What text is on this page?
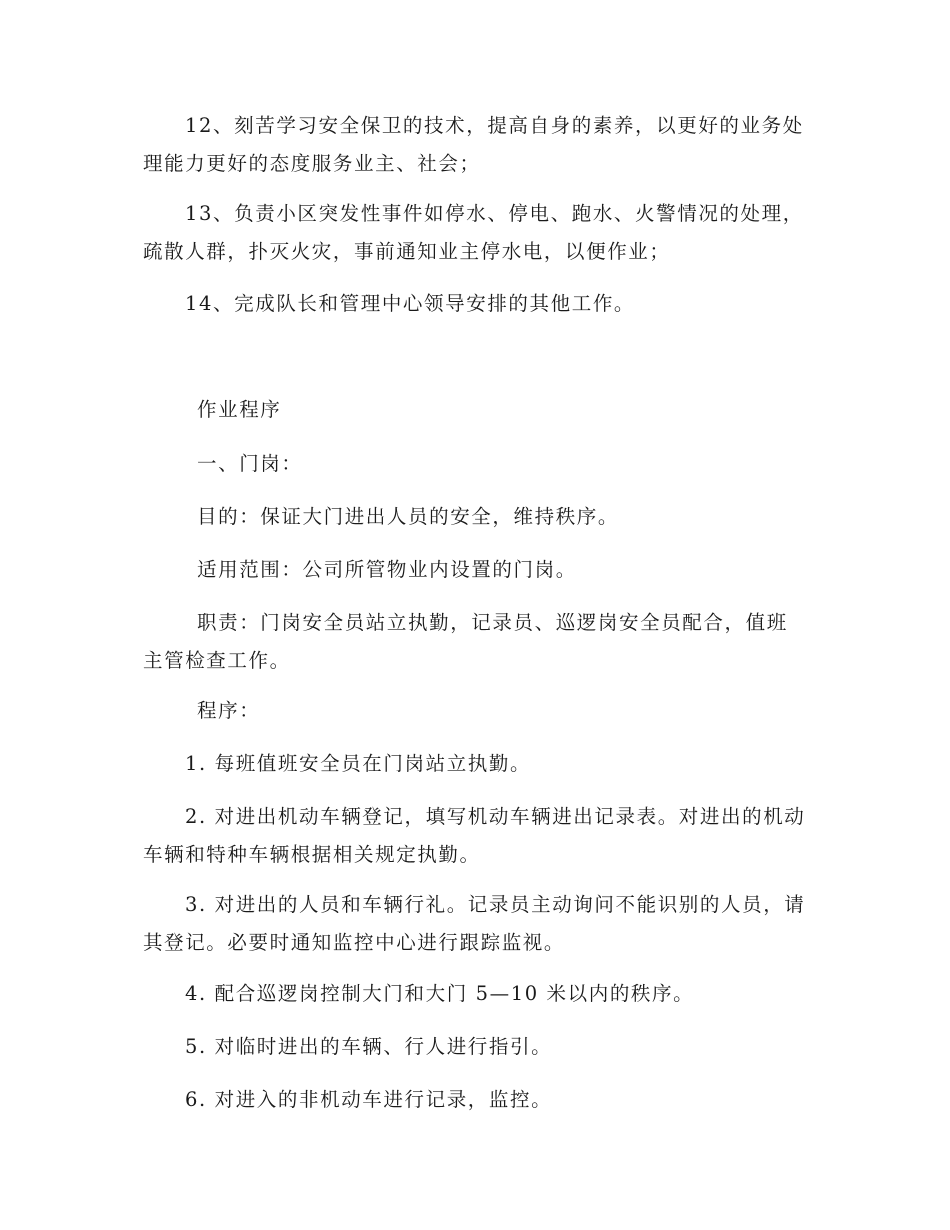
12、刻苦学习安全保卫的技术，提高自身的素养，以更好的业务处理能力更好的态度服务业主、社会；

13、负责小区突发性事件如停水、停电、跑水、火警情况的处理，疏散人群，扑灭火灾，事前通知业主停水电，以便作业；

14、完成队长和管理中心领导安排的其他工作。

作业程序

一、门岗：

目的：保证大门进出人员的安全，维持秩序。

适用范围：公司所管物业内设置的门岗。

职责：门岗安全员站立执勤，记录员、巡逻岗安全员配合，值班主管检查工作。

程序：

1. 每班值班安全员在门岗站立执勤。

2. 对进出机动车辆登记，填写机动车辆进出记录表。对进出的机动车辆和特种车辆根据相关规定执勤。

3. 对进出的人员和车辆行礼。记录员主动询问不能识别的人员，请其登记。必要时通知监控中心进行跟踪监视。

4. 配合巡逻岗控制大门和大门 5—10 米以内的秩序。

5. 对临时进出的车辆、行人进行指引。

6. 对进入的非机动车进行记录，监控。
